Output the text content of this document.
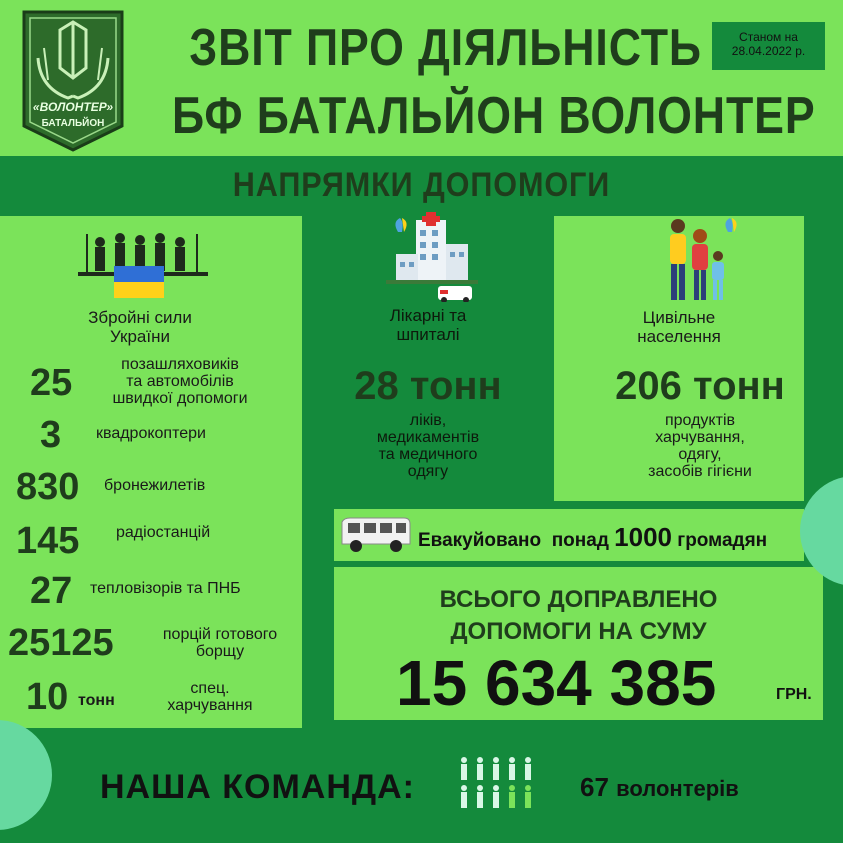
«ВОЛОНТЕР»
БАТАЛЬЙОН
ЗВІТ ПРО ДІЯЛЬНІСТЬ
БФ БАТАЛЬЙОН ВОЛОНТЕР
Станом на
28.04.2022 р.
НАПРЯМКИ ДОПОМОГИ
Збройні сили
України
25	позашляховиків
та автомобілів
швидкої допомоги
3 квадрокоптери
830 бронежилетів
145 радіостанцій
27 тепловізорів та ПНБ
25125	порцій готового
борщу
10 тонн
спец.
харчування
Лікарні та
шпиталі
28 тонн
ліків,
медикаментів
та медичного
одягу
Цивільне
населення
206 тонн
продуктів
харчування,
одягу,
засобів гігієни
Евакуйовано понад 1000 громадян
ВСЬОГО ДОПРАВЛЕНО
ДОПОМОГИ НА СУМУ
15 634 385	ГРН.
НАША КОМАНДА:	67 волонтерів
